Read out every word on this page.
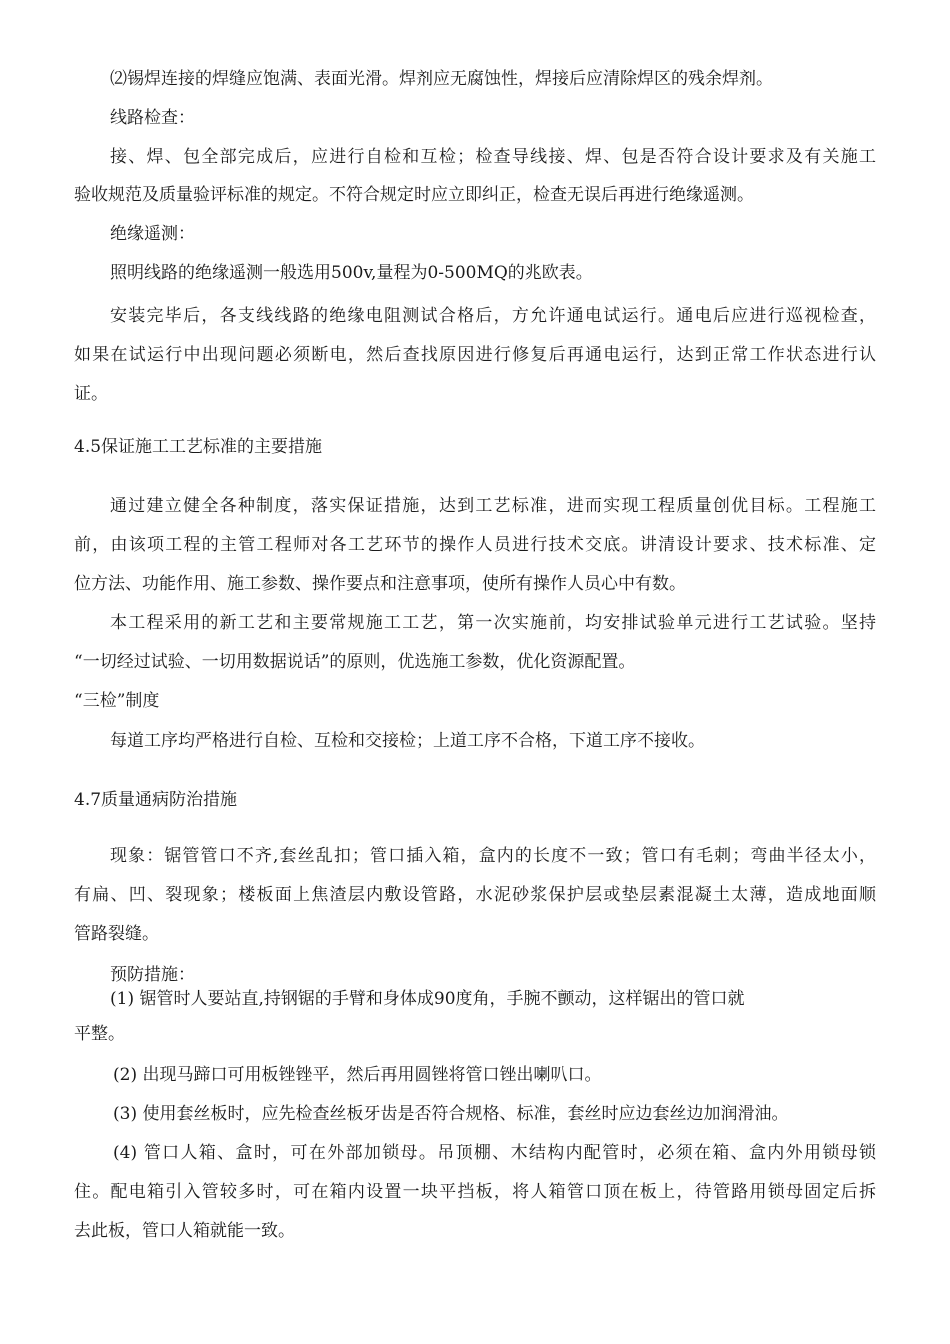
⑵锡焊连接的焊缝应饱满、表面光滑。焊剂应无腐蚀性，焊接后应清除焊区的残余焊剂。

线路检查：

接、焊、包全部完成后，应进行自检和互检；检查导线接、焊、包是否符合设计要求及有关施工

验收规范及质量验评标准的规定。不符合规定时应立即纠正，检查无误后再进行绝缘遥测。

绝缘遥测：

照明线路的绝缘遥测一般选用500v,量程为0-500MQ的兆欧表。

安装完毕后，各支线线路的绝缘电阻测试合格后，方允许通电试运行。通电后应进行巡视检查，

如果在试运行中出现问题必须断电，然后查找原因进行修复后再通电运行，达到正常工作状态进行认

证。

4.5保证施工工艺标准的主要措施

通过建立健全各种制度，落实保证措施，达到工艺标准，进而实现工程质量创优目标。工程施工

前，由该项工程的主管工程师对各工艺环节的操作人员进行技术交底。讲清设计要求、技术标准、定

位方法、功能作用、施工参数、操作要点和注意事项，使所有操作人员心中有数。

本工程采用的新工艺和主要常规施工工艺，第一次实施前，均安排试验单元进行工艺试验。坚持

“一切经过试验、一切用数据说话”的原则，优选施工参数，优化资源配置。

“三检”制度

每道工序均严格进行自检、互检和交接检；上道工序不合格，下道工序不接收。

4.7质量通病防治措施

现象：锯管管口不齐,套丝乱扣；管口插入箱，盒内的长度不一致；管口有毛刺；弯曲半径太小，

有扁、凹、裂现象；楼板面上焦渣层内敷设管路，水泥砂浆保护层或垫层素混凝土太薄，造成地面顺

管路裂缝。

预防措施：

(1) 锯管时人要站直,持钢锯的手臂和身体成90度角，手腕不颤动，这样锯出的管口就

平整。

(2) 出现马蹄口可用板锉锉平，然后再用圆锉将管口锉出喇叭口。

(3) 使用套丝板时，应先检查丝板牙齿是否符合规格、标准，套丝时应边套丝边加润滑油。

(4) 管口人箱、盒时，可在外部加锁母。吊顶棚、木结构内配管时，必须在箱、盒内外用锁母锁

住。配电箱引入管较多时，可在箱内设置一块平挡板，将人箱管口顶在板上，待管路用锁母固定后拆

去此板，管口人箱就能一致。
